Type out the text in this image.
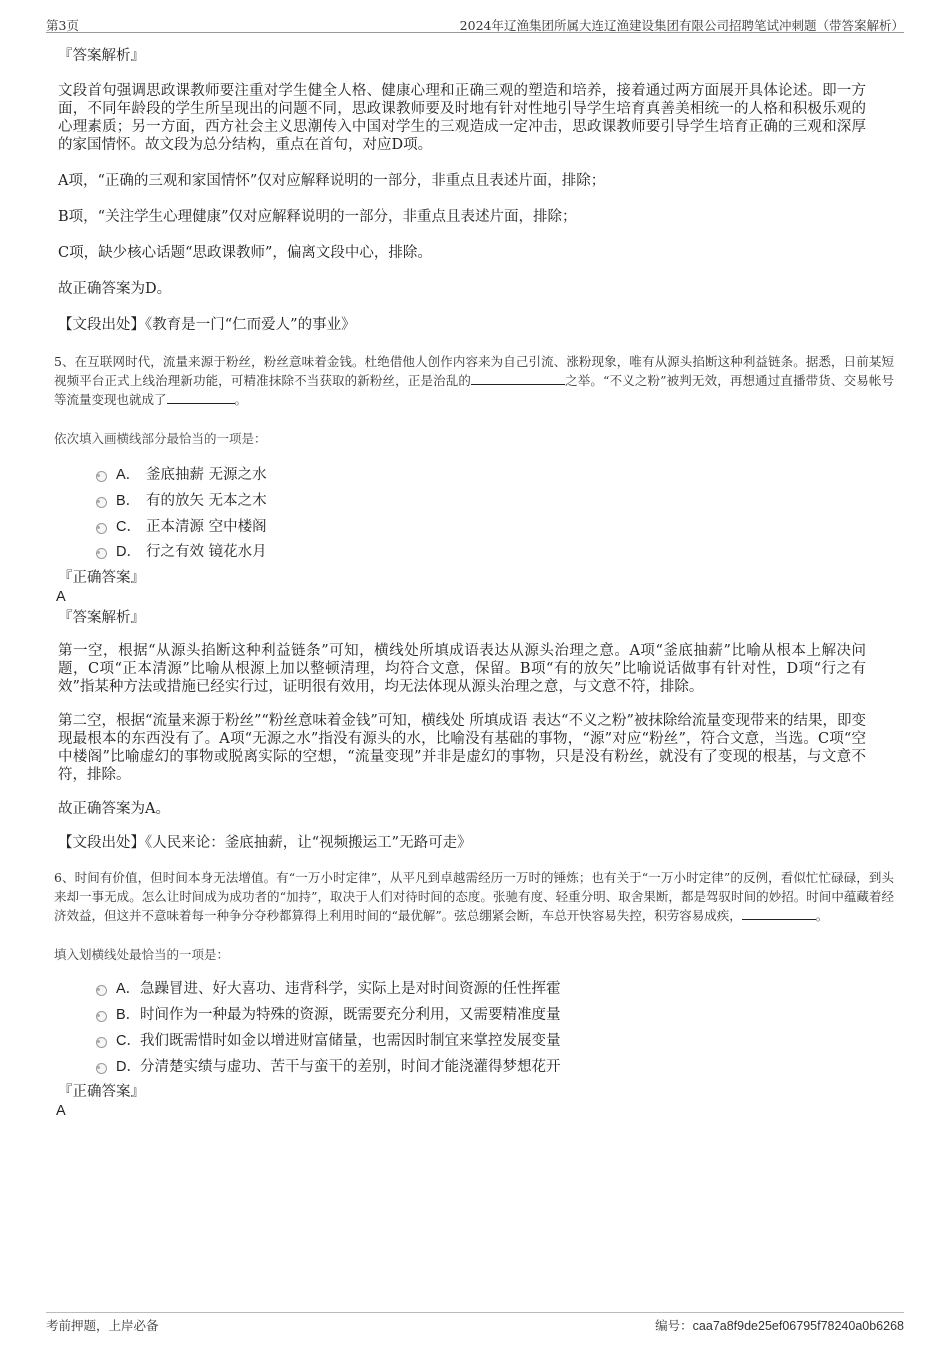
第3页	2024年辽渔集团所属大连辽渔建设集团有限公司招聘笔试冲刺题（带答案解析）

『答案解析』

文段首句强调思政课教师要注重对学生健全人格、健康心理和正确三观的塑造和培养，接着通过两方面展开具体论述。即一方面，不同年龄段的学生所呈现出的问题不同，思政课教师要及时地有针对性地引导学生培育真善美相统一的人格和积极乐观的心理素质；另一方面，西方社会主义思潮传入中国对学生的三观造成一定冲击，思政课教师要引导学生培育正确的三观和深厚的家国情怀。故文段为总分结构，重点在首句，对应D项。

A项，“正确的三观和家国情怀”仅对应解释说明的一部分，非重点且表述片面，排除；

B项，“关注学生心理健康”仅对应解释说明的一部分，非重点且表述片面，排除；

C项，缺少核心话题“思政课教师”，偏离文段中心，排除。

故正确答案为D。

【文段出处】《教育是一门“仁而爱人”的事业》

5、在互联网时代，流量来源于粉丝，粉丝意味着金钱。杜绝借他人创作内容来为自己引流、涨粉现象，唯有从源头掐断这种利益链条。据悉，日前某短视频平台正式上线治理新功能，可精准抹除不当获取的新粉丝，正是治乱的	之举。“不义之粉”被判无效，再想通过直播带货、交易帐号等流量变现也就成了	。

依次填入画横线部分最恰当的一项是：

A． 釜底抽薪 无源之水
B． 有的放矢 无本之木
C． 正本清源 空中楼阁
D． 行之有效 镜花水月

『正确答案』

A

『答案解析』

第一空，根据“从源头掐断这种利益链条”可知，横线处所填成语表达从源头治理之意。A项“釜底抽薪”比喻从根本上解决问题，C项“正本清源”比喻从根源上加以整顿清理，均符合文意，保留。B项“有的放矢”比喻说话做事有针对性，D项“行之有效”指某种方法或措施已经实行过，证明很有效用，均无法体现从源头治理之意，与文意不符，排除。

第二空，根据“流量来源于粉丝”“粉丝意味着金钱”可知，横线处 所填成语 表达“不义之粉”被抹除给流量变现带来的结果，即变现最根本的东西没有了。A项“无源之水”指没有源头的水，比喻没有基础的事物，“源”对应“粉丝”，符合文意，当选。C项“空中楼阁”比喻虚幻的事物或脱离实际的空想，“流量变现”并非是虚幻的事物，只是没有粉丝，就没有了变现的根基，与文意不符，排除。

故正确答案为A。

【文段出处】《人民来论：釜底抽薪，让“视频搬运工”无路可走》

6、时间有价值，但时间本身无法增值。有“一万小时定律”，从平凡到卓越需经历一万时的锤炼；也有关于“一万小时定律”的反例，看似忙忙碌碌，到头来却一事无成。怎么让时间成为成功者的“加持”，取决于人们对待时间的态度。张驰有度、轻重分明、取舍果断，都是驾驭时间的妙招。时间中蕴藏着经济效益，但这并不意味着每一种争分夺秒都算得上利用时间的“最优解”。弦总绷紧会断，车总开快容易失控，积劳容易成疾，	。

填入划横线处最恰当的一项是：

A．急躁冒进、好大喜功、违背科学，实际上是对时间资源的任性挥霍
B．时间作为一种最为特殊的资源，既需要充分利用，又需要精准度量
C．我们既需惜时如金以增进财富储量，也需因时制宜来掌控发展变量
D．分清楚实绩与虚功、苦干与蛮干的差别，时间才能浇灌得梦想花开

『正确答案』

A

考前押题，上岸必备	编号：caa7a8f9de25ef06795f78240a0b6268
